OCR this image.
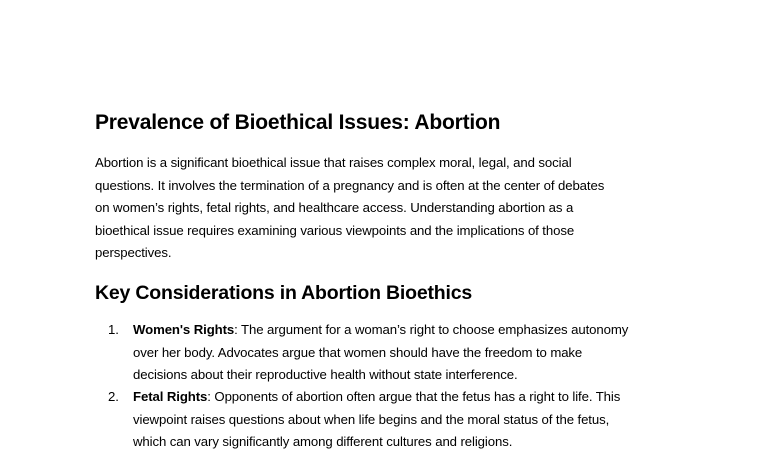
Prevalence of Bioethical Issues: Abortion

Abortion is a significant bioethical issue that raises complex moral, legal, and social
questions. It involves the termination of a pregnancy and is often at the center of debates
on women’s rights, fetal rights, and healthcare access. Understanding abortion as a
bioethical issue requires examining various viewpoints and the implications of those
perspectives.

Key Considerations in Abortion Bioethics
1. Women's Rights: The argument for a woman’s right to choose emphasizes autonomy
over her body. Advocates argue that women should have the freedom to make
decisions about their reproductive health without state interference.
2. Fetal Rights: Opponents of abortion often argue that the fetus has a right to life. This
viewpoint raises questions about when life begins and the moral status of the fetus,
which can vary significantly among different cultures and religions.
